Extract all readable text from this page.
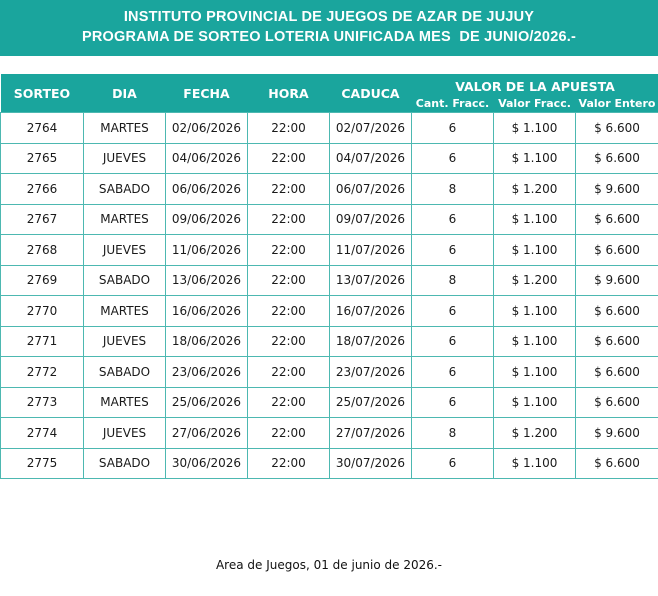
INSTITUTO PROVINCIAL DE JUEGOS DE AZAR DE JUJUY
PROGRAMA DE SORTEO LOTERIA UNIFICADA MES  DE JUNIO/2026.-
SORTEO	DIA	FECHA	HORA	CADUCA	VALOR DE LA APUESTA		
					Cant. Fracc.	Valor Fracc.	Valor Entero
2764	MARTES	02/06/2026	22:00	02/07/2026	6	$ 1.100	$ 6.600
2765	JUEVES	04/06/2026	22:00	04/07/2026	6	$ 1.100	$ 6.600
2766	SABADO	06/06/2026	22:00	06/07/2026	8	$ 1.200	$ 9.600
2767	MARTES	09/06/2026	22:00	09/07/2026	6	$ 1.100	$ 6.600
2768	JUEVES	11/06/2026	22:00	11/07/2026	6	$ 1.100	$ 6.600
2769	SABADO	13/06/2026	22:00	13/07/2026	8	$ 1.200	$ 9.600
2770	MARTES	16/06/2026	22:00	16/07/2026	6	$ 1.100	$ 6.600
2771	JUEVES	18/06/2026	22:00	18/07/2026	6	$ 1.100	$ 6.600
2772	SABADO	23/06/2026	22:00	23/07/2026	6	$ 1.100	$ 6.600
2773	MARTES	25/06/2026	22:00	25/07/2026	6	$ 1.100	$ 6.600
2774	JUEVES	27/06/2026	22:00	27/07/2026	8	$ 1.200	$ 9.600
2775	SABADO	30/06/2026	22:00	30/07/2026	6	$ 1.100	$ 6.600
Area de Juegos, 01 de junio de 2026.-
